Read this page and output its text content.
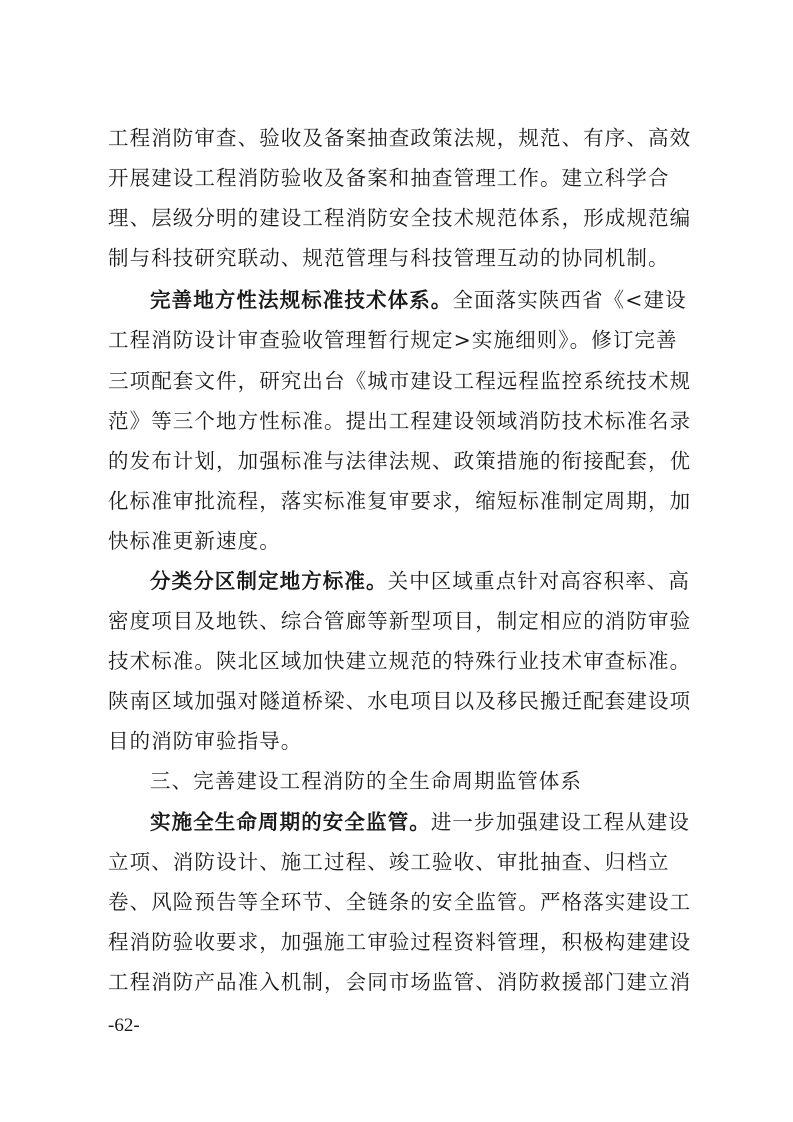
工程消防审查、验收及备案抽查政策法规，规范、有序、高效
开展建设工程消防验收及备案和抽查管理工作。建立科学合
理、层级分明的建设工程消防安全技术规范体系，形成规范编
制与科技研究联动、规范管理与科技管理互动的协同机制。
完善地方性法规标准技术体系。全面落实陕西省《<建设
工程消防设计审查验收管理暂行规定>实施细则》。修订完善
三项配套文件，研究出台《城市建设工程远程监控系统技术规
范》等三个地方性标准。提出工程建设领域消防技术标准名录
的发布计划，加强标准与法律法规、政策措施的衔接配套，优
化标准审批流程，落实标准复审要求，缩短标准制定周期，加
快标准更新速度。
分类分区制定地方标准。关中区域重点针对高容积率、高
密度项目及地铁、综合管廊等新型项目，制定相应的消防审验
技术标准。陕北区域加快建立规范的特殊行业技术审查标准。
陕南区域加强对隧道桥梁、水电项目以及移民搬迁配套建设项
目的消防审验指导。
三、完善建设工程消防的全生命周期监管体系
实施全生命周期的安全监管。进一步加强建设工程从建设
立项、消防设计、施工过程、竣工验收、审批抽查、归档立
卷、风险预告等全环节、全链条的安全监管。严格落实建设工
程消防验收要求，加强施工审验过程资料管理，积极构建建设
工程消防产品准入机制，会同市场监管、消防救援部门建立消
-62-
